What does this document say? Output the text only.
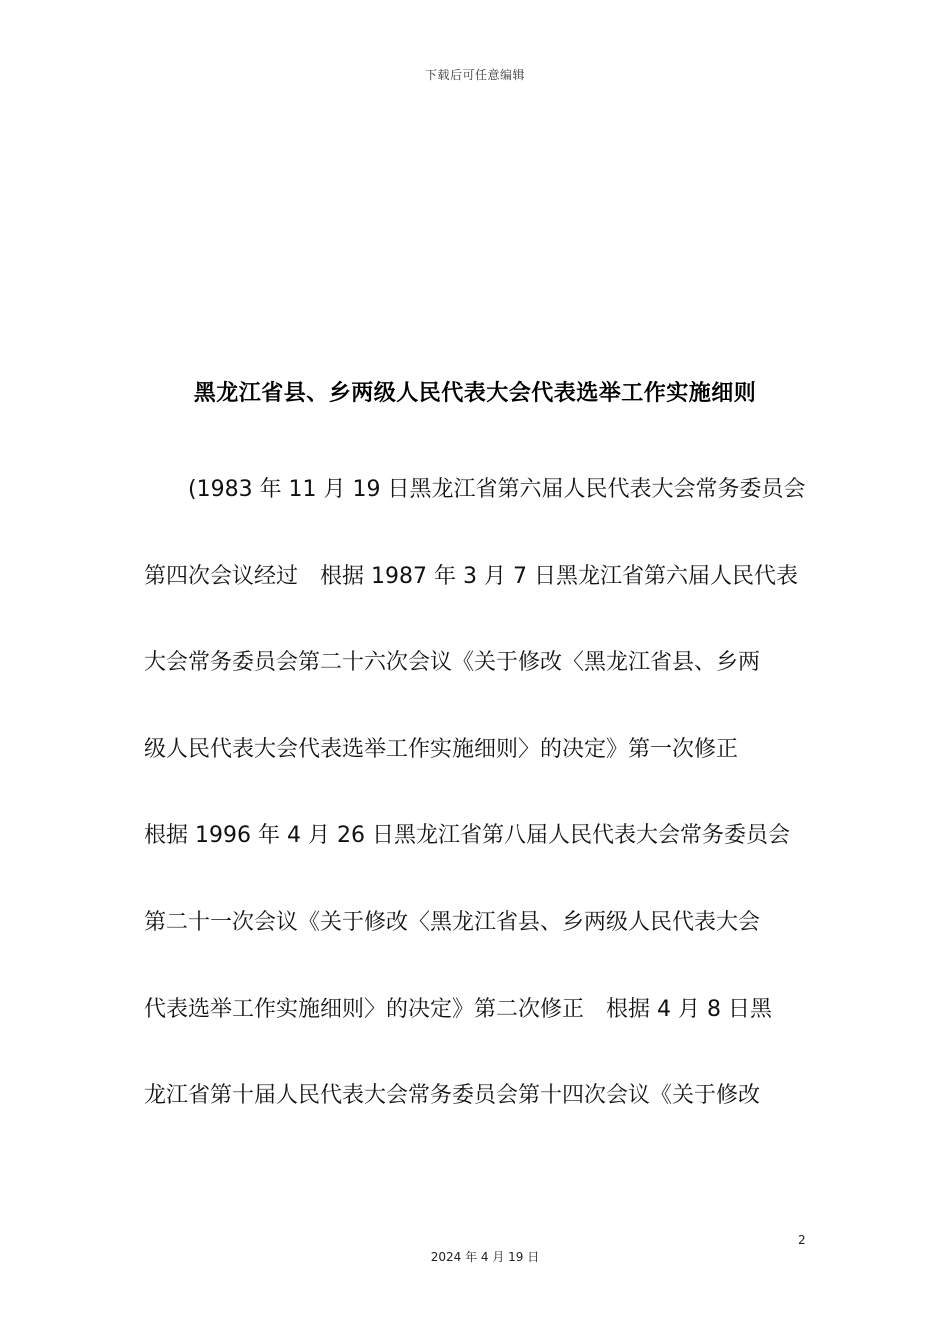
下载后可任意编辑
黑龙江省县、乡两级人民代表大会代表选举工作实施细则
(1983 年 11 月 19 日黑龙江省第六届人民代表大会常务委员会
第四次会议经过　根据 1987 年 3 月 7 日黑龙江省第六届人民代表
大会常务委员会第二十六次会议《关于修改〈黑龙江省县、乡两
级人民代表大会代表选举工作实施细则〉的决定》第一次修正
根据 1996 年 4 月 26 日黑龙江省第八届人民代表大会常务委员会
第二十一次会议《关于修改〈黑龙江省县、乡两级人民代表大会
代表选举工作实施细则〉的决定》第二次修正　根据 4 月 8 日黑
龙江省第十届人民代表大会常务委员会第十四次会议《关于修改
2
2024 年 4 月 19 日
